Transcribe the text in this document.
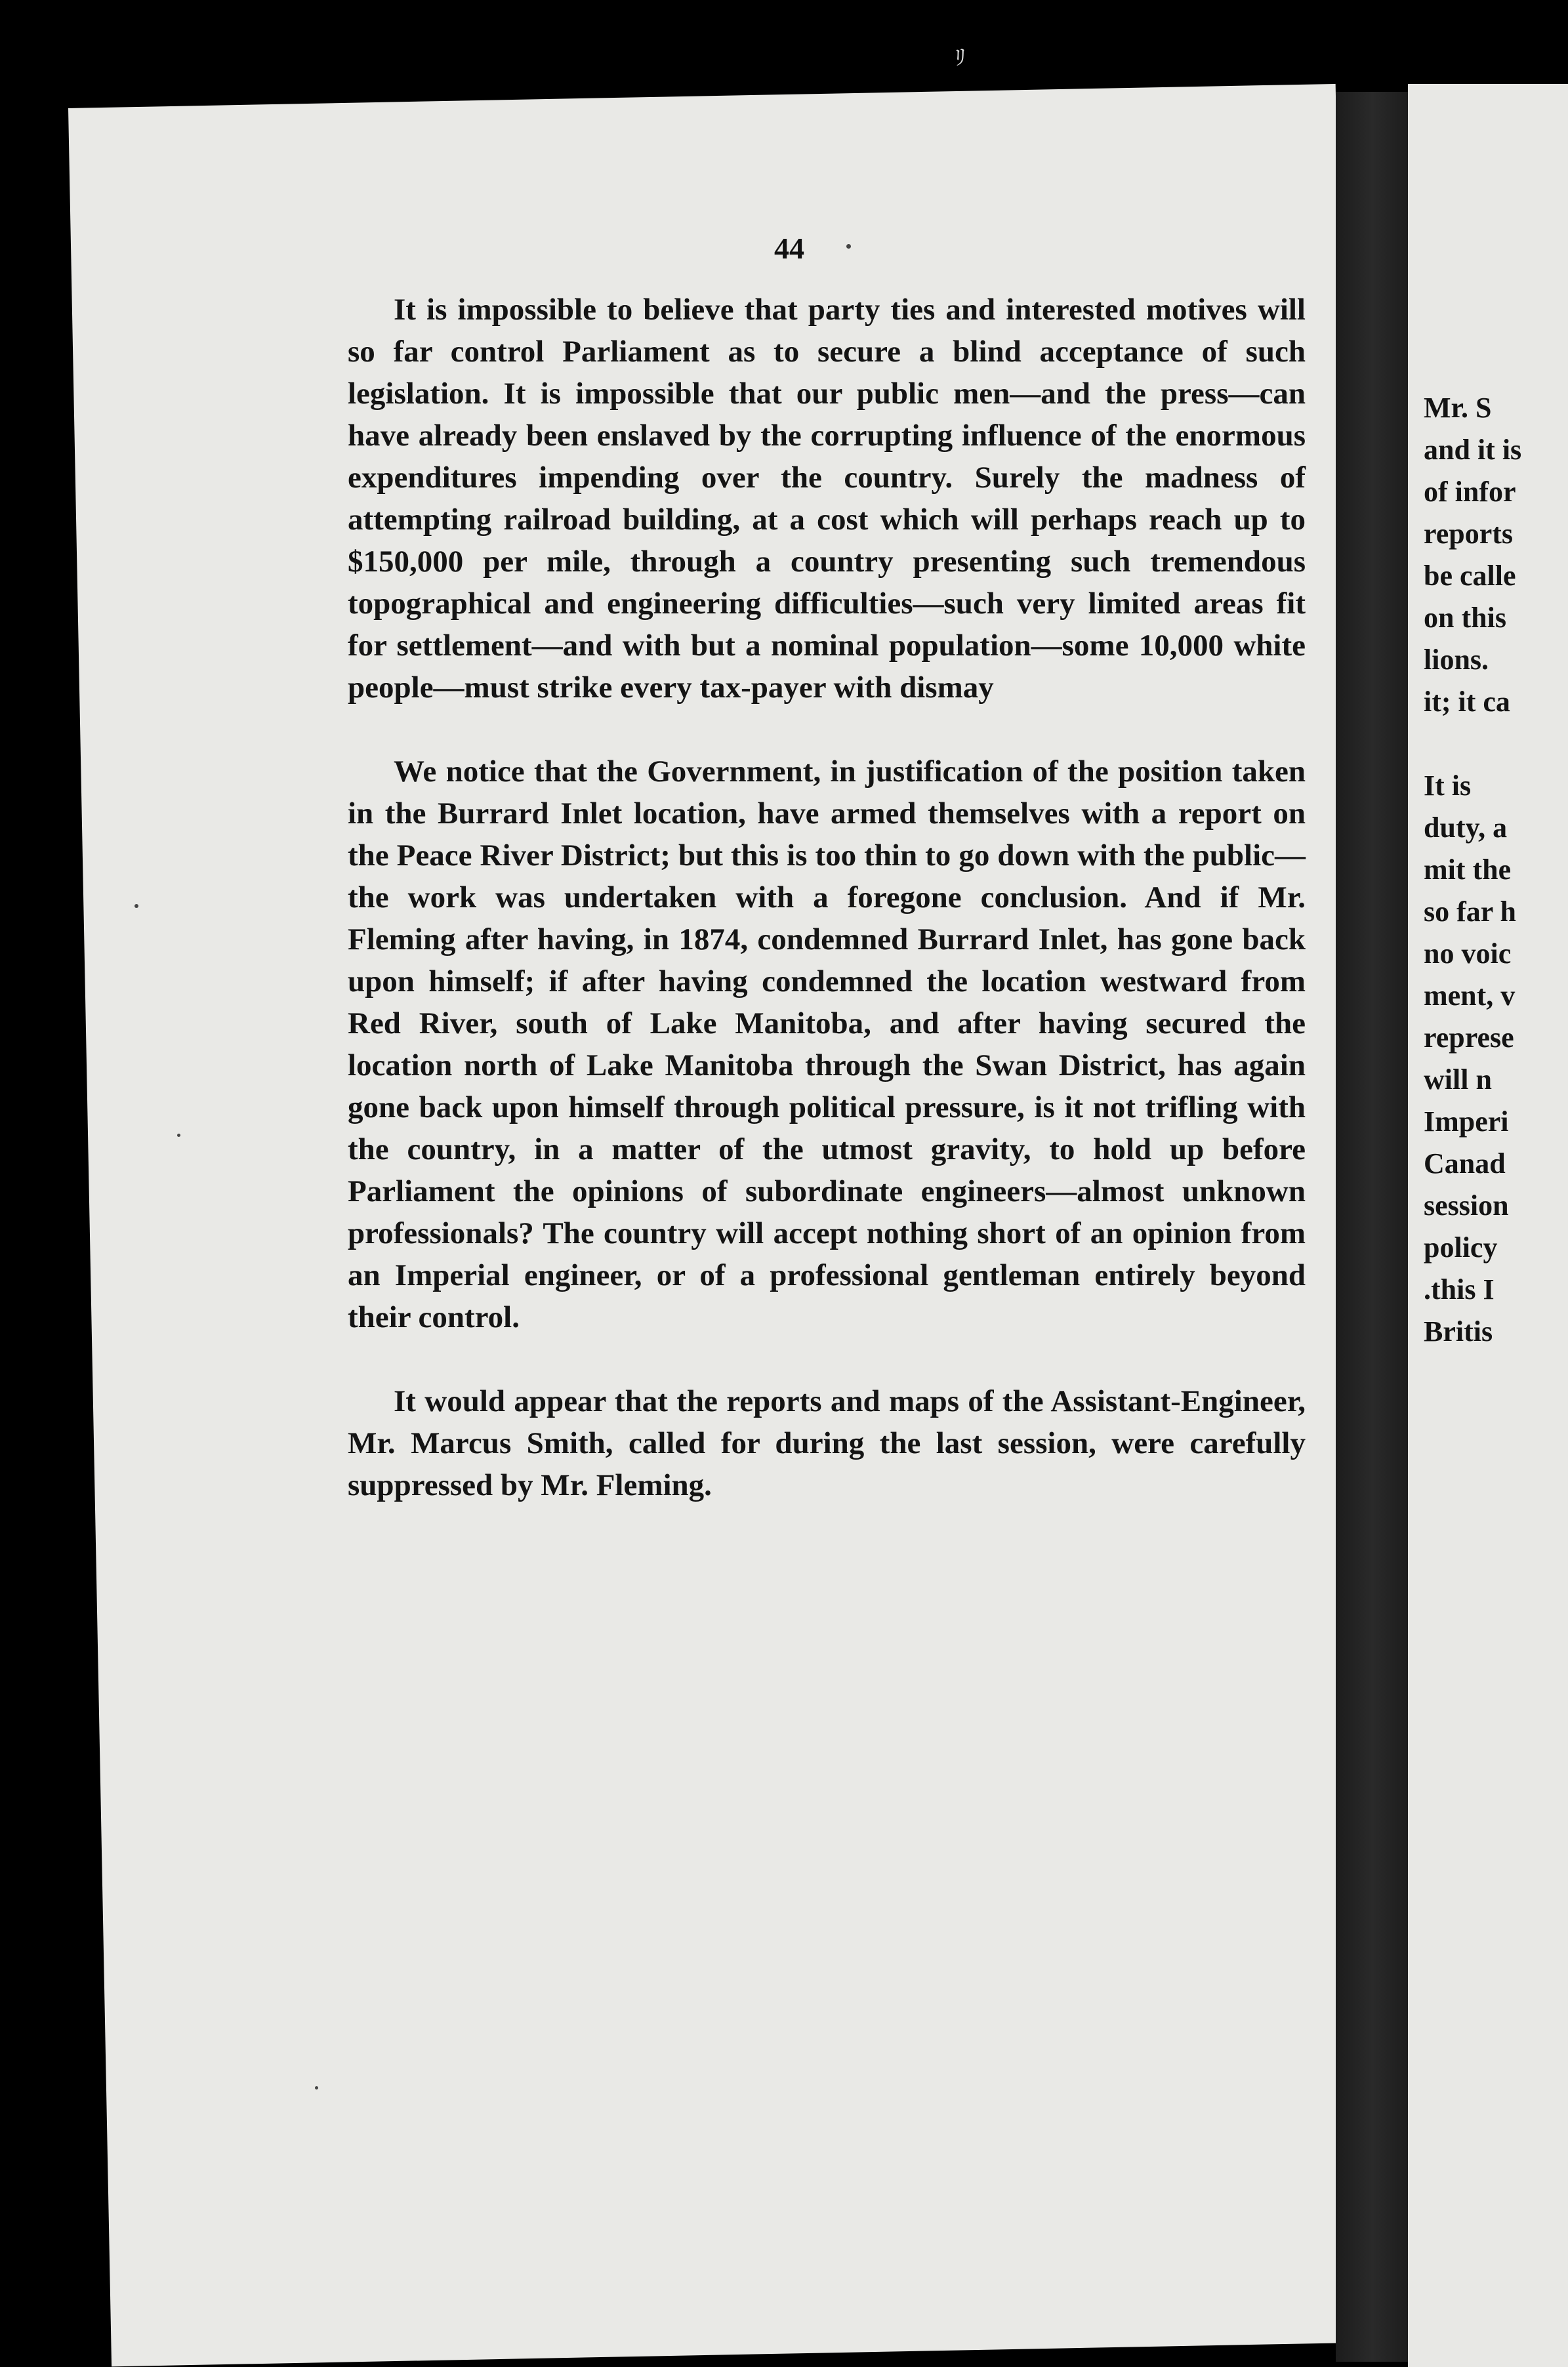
ﾘ
44

It is impossible to believe that party ties and interested motives will so far control Parliament as to secure a blind acceptance of such legislation. It is impossible that our public men—and the press—can have already been enslaved by the corrupting influence of the enormous expenditures impending over the country. Surely the madness of attempting railroad building, at a cost which will perhaps reach up to $150,000 per mile, through a country presenting such tremendous topographical and engineering difficulties—such very limited areas fit for settlement—and with but a nominal population—some 10,000 white people—must strike every tax-payer with dismay

We notice that the Government, in justification of the position taken in the Burrard Inlet location, have armed themselves with a report on the Peace River District; but this is too thin to go down with the public—the work was undertaken with a foregone conclusion. And if Mr. Fleming after having, in 1874, condemned Burrard Inlet, has gone back upon himself; if after having condemned the location westward from Red River, south of Lake Manitoba, and after having secured the location north of Lake Manitoba through the Swan District, has again gone back upon himself through political pressure, is it not trifling with the country, in a matter of the utmost gravity, to hold up before Parliament the opinions of subordinate engineers—almost unknown professionals? The country will accept nothing short of an opinion from an Imperial engineer, or of a professional gentleman entirely beyond their control.

It would appear that the reports and maps of the Assistant-Engineer, Mr. Marcus Smith, called for during the last session, were carefully suppressed by Mr. Fleming.

Mr. S
and it is
of infor
reports
be calle
on this
lions.
it; it ca
It is
duty, a
mit the
so far h
no voic
ment, v
represe
will n
Imperi
Canad
session
policy
.this I
Britis
